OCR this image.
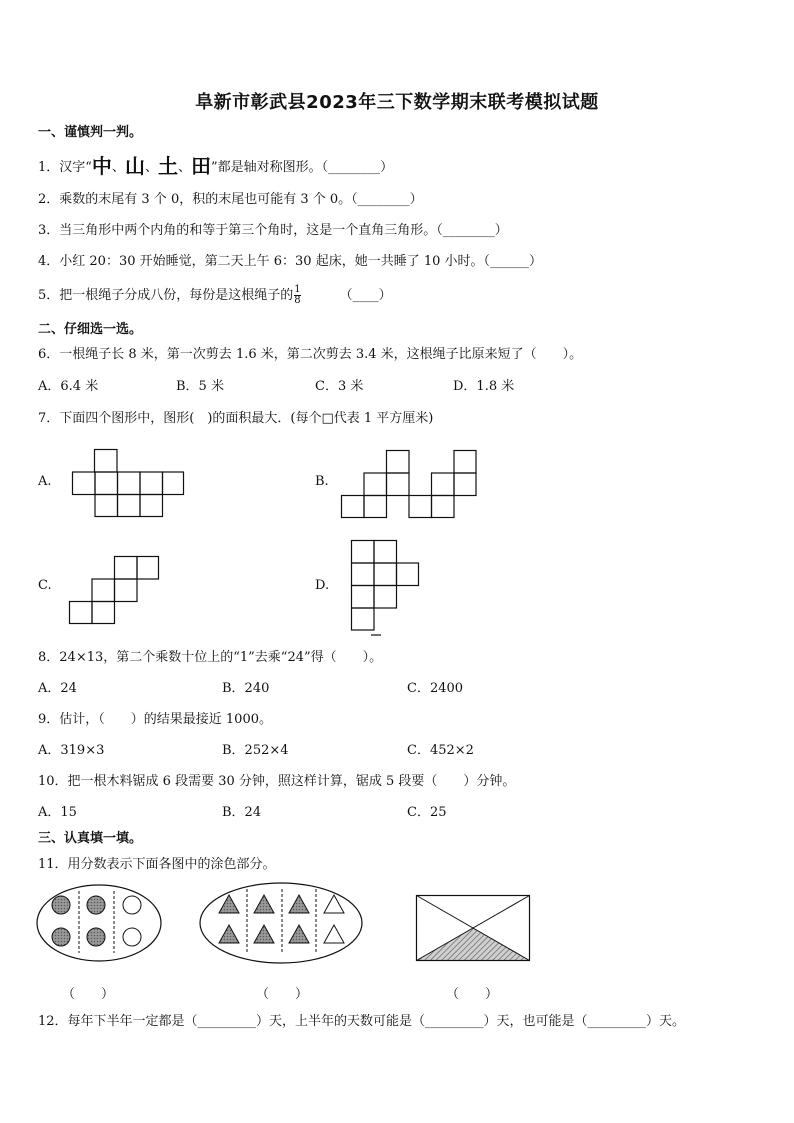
阜新市彰武县2023年三下数学期末联考模拟试题
一、谨慎判一判。
1．汉字“中、山、土、田”都是轴对称图形。（________）
2．乘数的末尾有 3 个 0，积的末尾也可能有 3 个 0。（________）
3．当三角形中两个内角的和等于第三个角时，这是一个直角三角形。（________）
4．小红 20：30 开始睡觉，第二天上午 6：30 起床，她一共睡了 10 小时。（______）
5．把一根绳子分成八份，每份是这根绳子的 $\frac{1}{8}$	（____）
二、仔细选一选。
6．一根绳子长 8 米，第一次剪去 1.6 米，第二次剪去 3.4 米，这根绳子比原来短了（　　）。
A．6.4 米	B．5 米	C．3 米	D．1.8 米
7．下面四个图形中，图形(　)的面积最大．(每个□代表 1 平方厘米)
A.	B.
C.	D.
8．24×13，第二个乘数十位上的“1”去乘“24”得（　　）。
A．24	B．240	C．2400
9．估计，（　　）的结果最接近 1000。
A．319×3	B．252×4	C．452×2
10．把一根木料锯成 6 段需要 30 分钟，照这样计算，锯成 5 段要（　　）分钟。
A．15	B．24	C．25
三、认真填一填。
11．用分数表示下面各图中的涂色部分。
（　　）	（　　）	（　　）
12．每年下半年一定都是（_________）天，上半年的天数可能是（_________）天，也可能是（_________）天。
